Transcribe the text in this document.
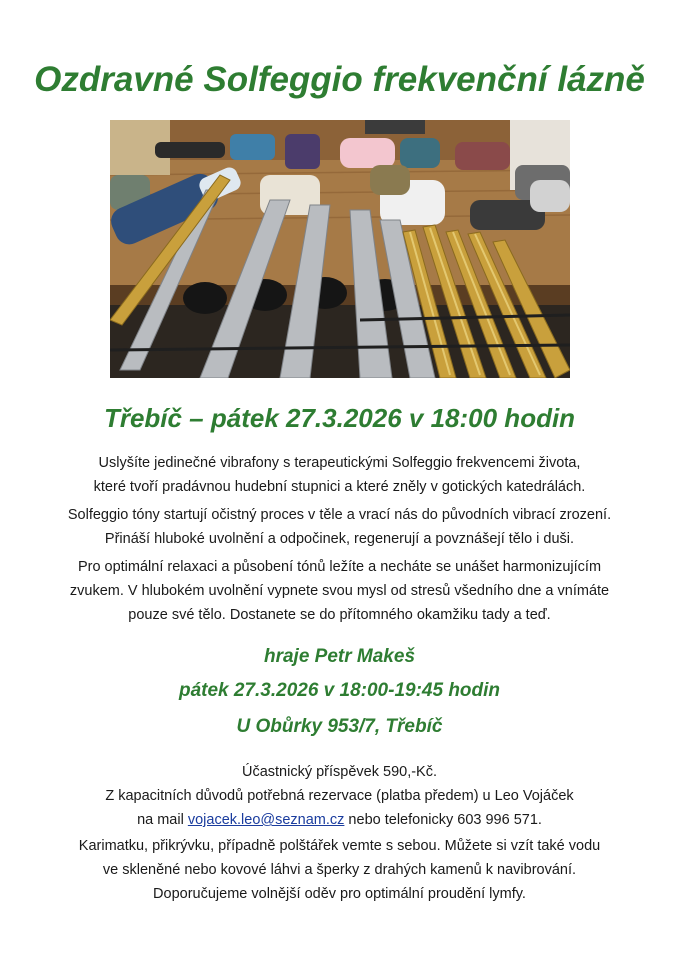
Ozdravné Solfeggio frekvenční lázně
Třebíč – pátek 27.3.2026 v 18:00 hodin

Uslyšíte jedinečné vibrafony s terapeutickými Solfeggio frekvencemi života,
které tvoří pradávnou hudební stupnici a které zněly v gotických katedrálách.

Solfeggio tóny startují očistný proces v těle a vrací nás do původních vibrací zrození.
Přináší hluboké uvolnění a odpočinek, regenerují a povznášejí tělo i duši.

Pro optimální relaxaci a působení tónů ležíte a necháte se unášet harmonizujícím
zvukem. V hlubokém uvolnění vypnete svou mysl od stresů všedního dne a vnímáte
pouze své tělo. Dostanete se do přítomného okamžiku tady a teď.

hraje Petr Makeš

pátek 27.3.2026 v 18:00-19:45 hodin

U Obůrky 953/7, Třebíč

Účastnický příspěvek 590,-Kč.
Z kapacitních důvodů potřebná rezervace (platba předem) u Leo Vojáček
na mail vojacek.leo@seznam.cz nebo telefonicky 603 996 571.

Karimatku, přikrývku, případně polštářek vemte s sebou. Můžete si vzít také vodu
ve skleněné nebo kovové láhvi a šperky z drahých kamenů k navibrování.
Doporučujeme volnější oděv pro optimální proudění lymfy.
